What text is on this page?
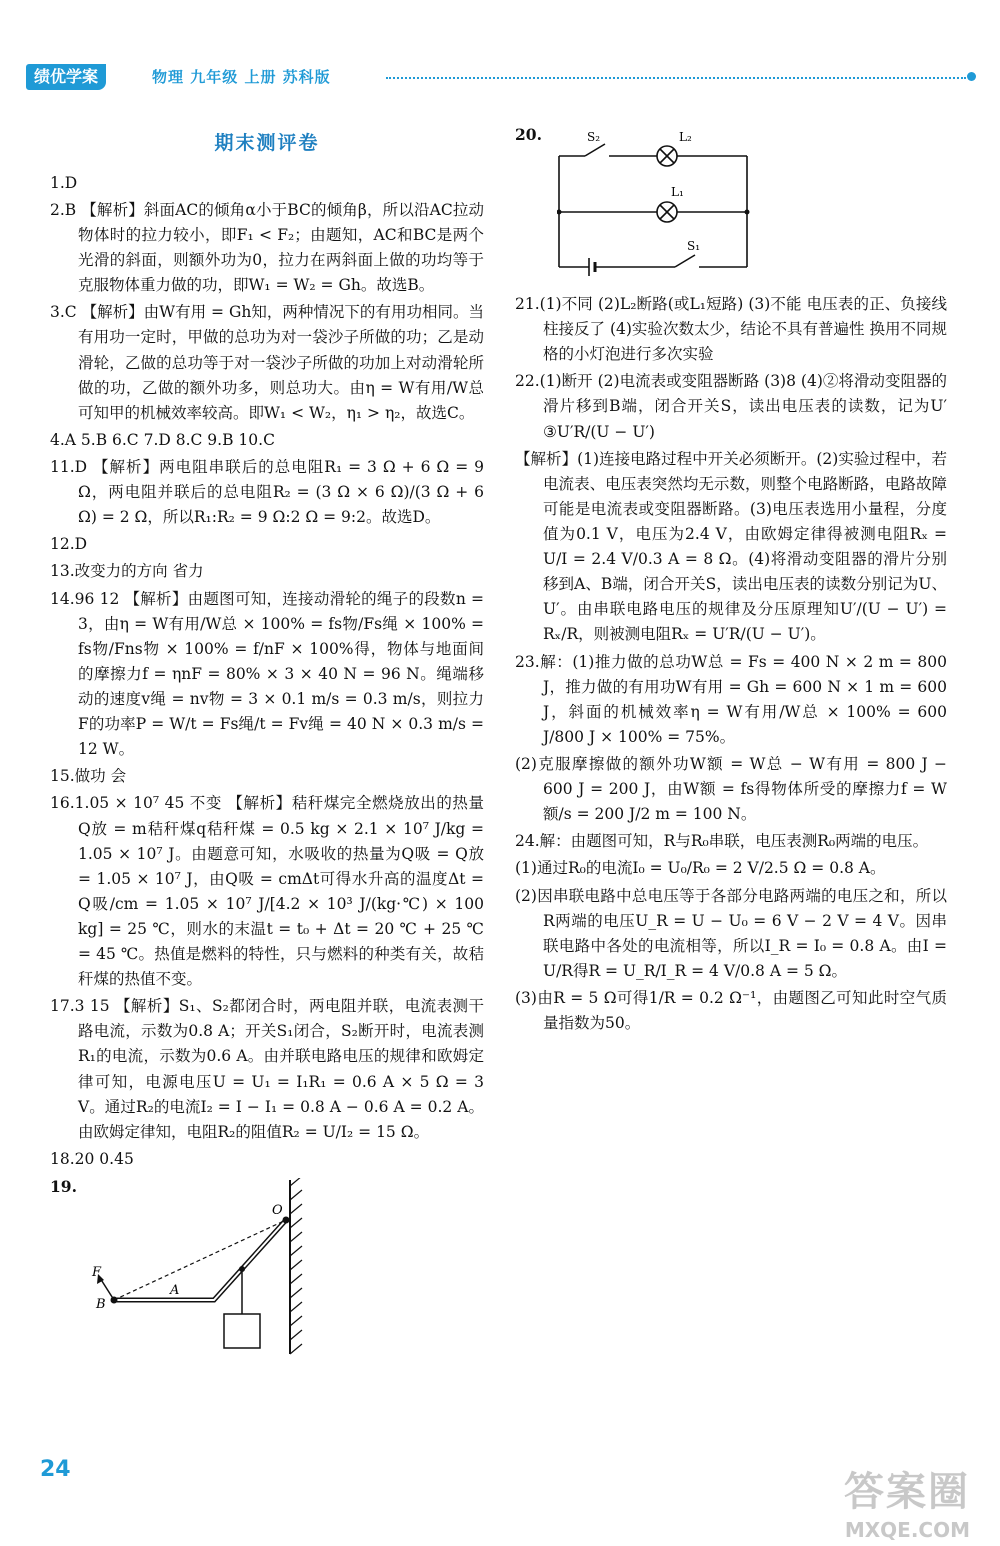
绩优学案	物理 九年级 上册 苏科版
期末测评卷
1.D
2.B 【解析】斜面AC的倾角α小于BC的倾角β，所以沿AC拉动物体时的拉力较小，即F₁ < F₂；由题知，AC和BC是两个光滑的斜面，则额外功为0，拉力在两斜面上做的功均等于克服物体重力做的功，即W₁ = W₂ = Gh。故选B。
3.C 【解析】由W有用 = Gh知，两种情况下的有用功相同。当有用功一定时，甲做的总功为对一袋沙子所做的功；乙是动滑轮，乙做的总功等于对一袋沙子所做的功加上对动滑轮所做的功，乙做的额外功多，则总功大。由η = W有用/W总可知甲的机械效率较高。即W₁ < W₂，η₁ > η₂，故选C。
4.A 5.B 6.C 7.D 8.C 9.B 10.C
11.D 【解析】两电阻串联后的总电阻R₁ = 3 Ω + 6 Ω = 9 Ω，两电阻并联后的总电阻R₂ = (3 Ω × 6 Ω)/(3 Ω + 6 Ω) = 2 Ω，所以R₁:R₂ = 9 Ω:2 Ω = 9:2。故选D。
12.D
13.改变力的方向 省力
14.96 12 【解析】由题图可知，连接动滑轮的绳子的段数n = 3，由η = W有用/W总 × 100% = fs物/Fs绳 × 100% = fs物/Fns物 × 100% = f/nF × 100%得，物体与地面间的摩擦力f = ηnF = 80% × 3 × 40 N = 96 N。绳端移动的速度v绳 = nv物 = 3 × 0.1 m/s = 0.3 m/s，则拉力F的功率P = W/t = Fs绳/t = Fv绳 = 40 N × 0.3 m/s = 12 W。
15.做功 会
16.1.05 × 10⁷ 45 不变 【解析】秸秆煤完全燃烧放出的热量Q放 = m秸秆煤q秸秆煤 = 0.5 kg × 2.1 × 10⁷ J/kg = 1.05 × 10⁷ J。由题意可知，水吸收的热量为Q吸 = Q放 = 1.05 × 10⁷ J，由Q吸 = cmΔt可得水升高的温度Δt = Q吸/cm = 1.05 × 10⁷ J/[4.2 × 10³ J/(kg·℃) × 100 kg] = 25 ℃，则水的末温t = t₀ + Δt = 20 ℃ + 25 ℃ = 45 ℃。热值是燃料的特性，只与燃料的种类有关，故秸秆煤的热值不变。
17.3 15 【解析】S₁、S₂都闭合时，两电阻并联，电流表测干路电流，示数为0.8 A；开关S₁闭合，S₂断开时，电流表测R₁的电流，示数为0.6 A。由并联电路电压的规律和欧姆定律可知，电源电压U = U₁ = I₁R₁ = 0.6 A × 5 Ω = 3 V。通过R₂的电流I₂ = I − I₁ = 0.8 A − 0.6 A = 0.2 A。由欧姆定律知，电阻R₂的阻值R₂ = U/I₂ = 15 Ω。
18.20 0.45
19.
O
F
A
B
20.	S₂	L₂
L₁
S₁
21.(1)不同 (2)L₂断路(或L₁短路) (3)不能 电压表的正、负接线柱接反了 (4)实验次数太少，结论不具有普遍性 换用不同规格的小灯泡进行多次实验
22.(1)断开 (2)电流表或变阻器断路 (3)8 (4)②将滑动变阻器的滑片移到B端，闭合开关S，读出电压表的读数，记为U′ ③U′R/(U − U′)
【解析】(1)连接电路过程中开关必须断开。(2)实验过程中，若电流表、电压表突然均无示数，则整个电路断路，电路故障可能是电流表或变阻器断路。(3)电压表选用小量程，分度值为0.1 V，电压为2.4 V，由欧姆定律得被测电阻Rₓ = U/I = 2.4 V/0.3 A = 8 Ω。(4)将滑动变阻器的滑片分别移到A、B端，闭合开关S，读出电压表的读数分别记为U、U′。由串联电路电压的规律及分压原理知U′/(U − U′) = Rₓ/R，则被测电阻Rₓ = U′R/(U − U′)。
23.解：(1)推力做的总功W总 = Fs = 400 N × 2 m = 800 J，推力做的有用功W有用 = Gh = 600 N × 1 m = 600 J，斜面的机械效率η = W有用/W总 × 100% = 600 J/800 J × 100% = 75%。
(2)克服摩擦做的额外功W额 = W总 − W有用 = 800 J − 600 J = 200 J，由W额 = fs得物体所受的摩擦力f = W额/s = 200 J/2 m = 100 N。
24.解：由题图可知，R与R₀串联，电压表测R₀两端的电压。
(1)通过R₀的电流I₀ = U₀/R₀ = 2 V/2.5 Ω = 0.8 A。
(2)因串联电路中总电压等于各部分电路两端的电压之和，所以R两端的电压U_R = U − U₀ = 6 V − 2 V = 4 V。因串联电路中各处的电流相等，所以I_R = I₀ = 0.8 A。由I = U/R得R = U_R/I_R = 4 V/0.8 A = 5 Ω。
(3)由R = 5 Ω可得1/R = 0.2 Ω⁻¹，由题图乙可知此时空气质量指数为50。
24	答案圈
MXQE.COM
